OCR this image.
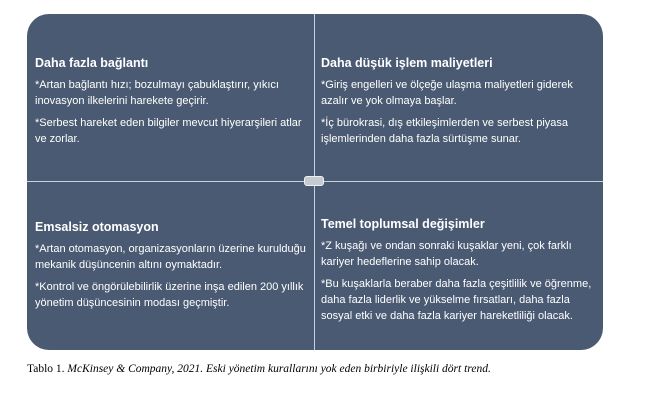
Daha fazla bağlantı
*Artan bağlantı hızı; bozulmayı çabuklaştırır, yıkıcı inovasyon ilkelerini harekete geçirir.
*Serbest hareket eden bilgiler mevcut hiyerarşileri atlar ve zorlar.
Daha düşük işlem maliyetleri
*Giriş engelleri ve ölçeğe ulaşma maliyetleri giderek azalır ve yok olmaya başlar.
*İç bürokrasi, dış etkileşimlerden ve serbest piyasa işlemlerinden daha fazla sürtüşme sunar.
Emsalsiz otomasyon
*Artan otomasyon, organizasyonların üzerine kurulduğu mekanik düşüncenin altını oymaktadır.
*Kontrol ve öngörülebilirlik üzerine inşa edilen 200 yıllık yönetim düşüncesinin modası geçmiştir.
Temel toplumsal değişimler
*Z kuşağı ve ondan sonraki kuşaklar yeni, çok farklı kariyer hedeflerine sahip olacak.
*Bu kuşaklarla beraber daha fazla çeşitlilik ve öğrenme, daha fazla liderlik ve yükselme fırsatları, daha fazla sosyal etki ve daha fazla kariyer hareketliliği olacak.
Tablo 1. McKinsey & Company, 2021. Eski yönetim kurallarını yok eden birbiriyle ilişkili dört trend.
